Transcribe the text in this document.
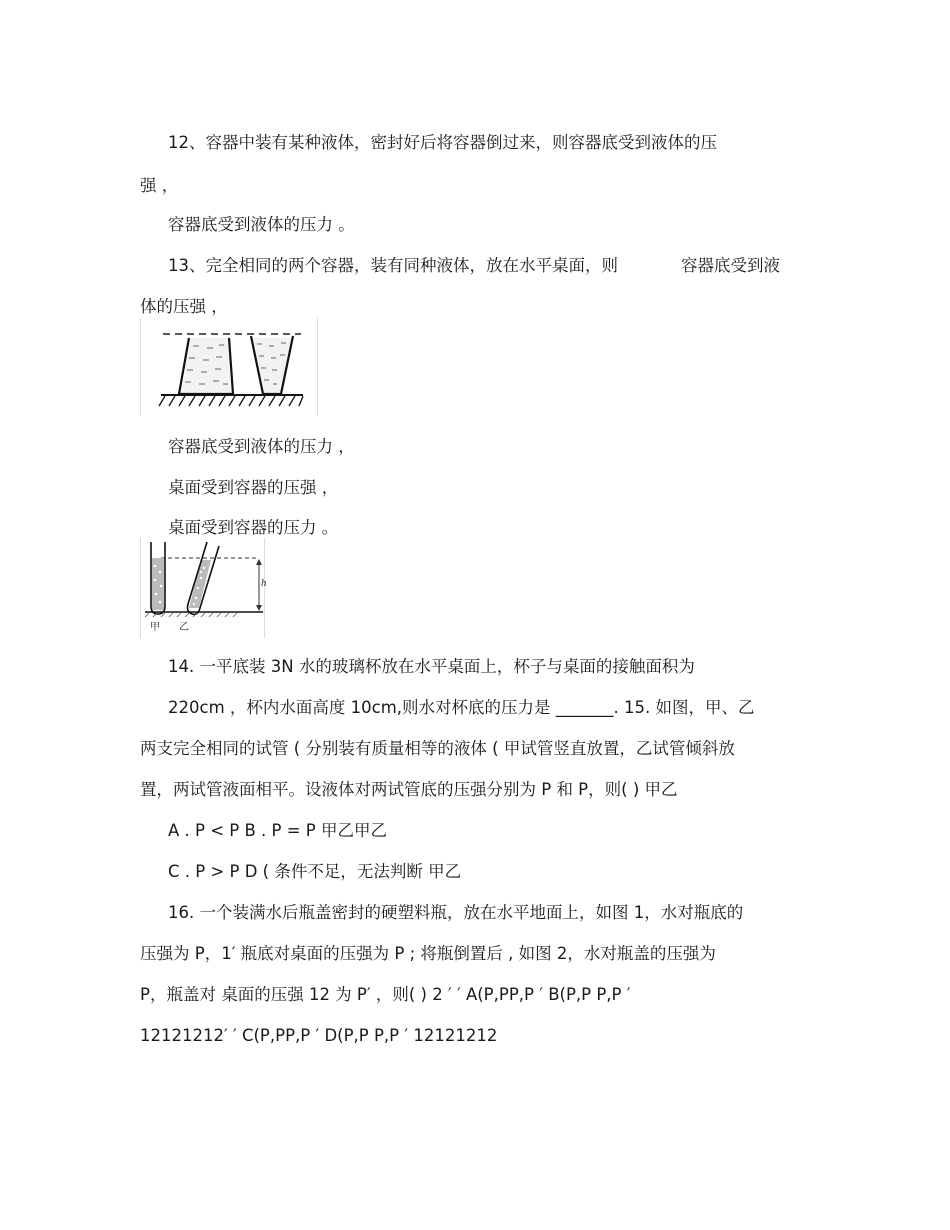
12、容器中装有某种液体，密封好后将容器倒过来，则容器底受到液体的压
强 ，
容器底受到液体的压力 。
13、完全相同的两个容器，装有同种液体，放在水平桌面，则	容器底受到液
体的压强 ，
容器底受到液体的压力 ，
桌面受到容器的压强 ，
桌面受到容器的压力 。
h
甲 乙
14. 一平底装 3N 水的玻璃杯放在水平桌面上，杯子与桌面的接触面积为
220cm ，杯内水面高度 10cm,则水对杯底的压力是 _______. 15. 如图，甲、乙
两支完全相同的试管 ( 分别装有质量相等的液体 ( 甲试管竖直放置，乙试管倾斜放
置，两试管液面相平。设液体对两试管底的压强分别为 P 和 P，则( ) 甲乙
A . P < P B . P = P 甲乙甲乙
C . P > P D ( 条件不足，无法判断 甲乙
16. 一个装满水后瓶盖密封的硬塑料瓶，放在水平地面上，如图 1，水对瓶底的
压强为 P，1′ 瓶底对桌面的压强为 P ; 将瓶倒置后 , 如图 2，水对瓶盖的压强为
P，瓶盖对 桌面的压强 12 为 P′ ，则( ) 2 ′ ′ A(P,PP,P ′ B(P,P P,P ′
12121212′ ′ C(P,PP,P ′ D(P,P P,P ′ 12121212
